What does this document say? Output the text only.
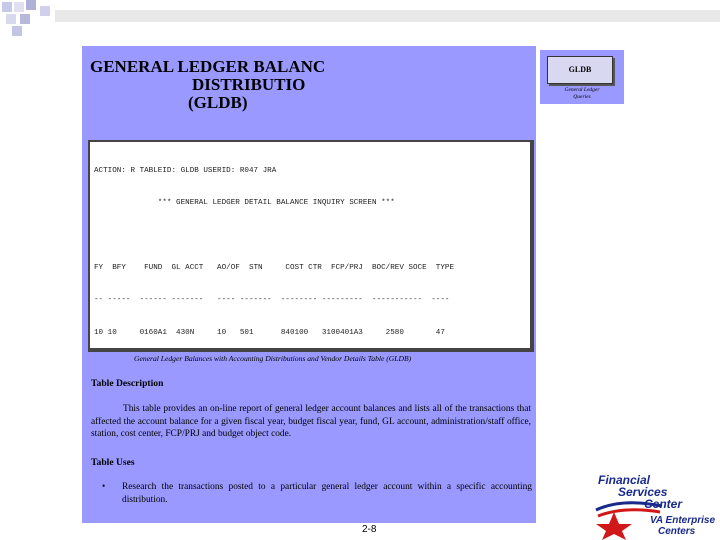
GENERAL LEDGER BALANC
DISTRIBUTIO
(GLDB)

ACTION: R TABLEID: GLDB USERID: R047 JRA

*** GENERAL LEDGER DETAIL BALANCE INQUIRY SCREEN ***

FY  BFY    FUND  GL ACCT   AO/OF  STN     COST CTR  FCP/PRJ  BOC/REV SOCE  TYPE

-- -----  ------ -------   ---- -------  -------- ---------  -----------  ----

10 10     0160A1  430N     10   501      840100   3100401A3     2580       47

General Ledger Balances with Accounting Distributions and Vendor Details Table (GLDB)
Table Description
This table provides an on-line report of general ledger account balances and lists all of the transactions that affected the account balance for a given fiscal year, budget fiscal year, fund, GL account, administration/staff office, station, cost center, FCP/PRJ and budget object code.
Table Uses
•	Research the transactions posted to a particular general ledger account within a specific accounting distribution.
2-8
GLDB
General Ledger
Queries
Financial
Services
Center
VA Enterprise
Centers
